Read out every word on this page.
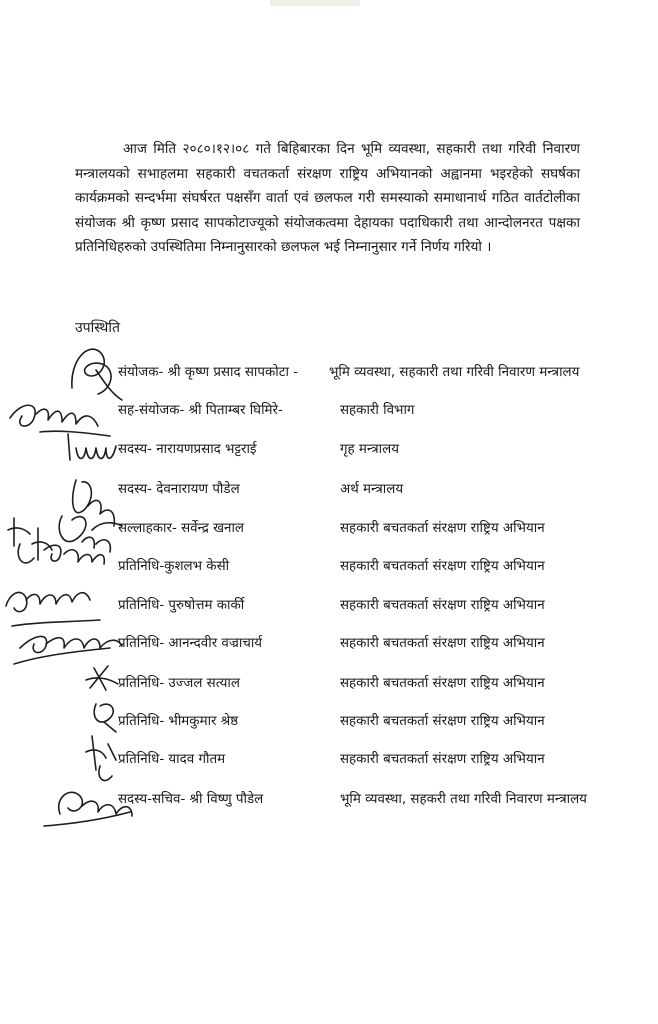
आज मिति २०८०।१२।०८ गते बिहिबारका दिन भूमि व्यवस्था, सहकारी तथा गरिवी निवारण मन्त्रालयको सभाहलमा सहकारी वचतकर्ता संरक्षण राष्ट्रिय अभियानको अह्वानमा भइरहेको सघर्षका कार्यक्रमको सन्दर्भमा संघर्षरत पक्षसँग वार्ता एवं छलफल गरी समस्याको समाधानार्थ गठित वार्तटोलीका संयोजक श्री कृष्ण प्रसाद सापकोटाज्यूको संयोजकत्वमा देहायका पदाधिकारी तथा आन्दोलनरत पक्षका प्रतिनिधिहरुको उपस्थितिमा निम्नानुसारको छलफल भई निम्नानुसार गर्ने निर्णय गरियो ।

उपस्थिति
संयोजक- श्री कृष्ण प्रसाद सापकोटा - भूमि व्यवस्था, सहकारी तथा गरिवी निवारण मन्त्रालय
सह-संयोजक- श्री पिताम्बर घिमिरे-	सहकारी विभाग
सदस्य- नारायणप्रसाद भट्टराई	गृह मन्त्रालय
सदस्य- देवनारायण पौडेल	अर्थ मन्त्रालय
सल्लाहकार- सर्वेन्द्र खनाल	सहकारी बचतकर्ता संरक्षण राष्ट्रिय अभियान
प्रतिनिधि-कुशलभ केसी	सहकारी बचतकर्ता संरक्षण राष्ट्रिय अभियान
प्रतिनिधि- पुरुषोत्तम कार्की	सहकारी बचतकर्ता संरक्षण राष्ट्रिय अभियान
प्रतिनिधि- आनन्दवीर वज्राचार्य	सहकारी बचतकर्ता संरक्षण राष्ट्रिय अभियान
प्रतिनिधि- उज्जल सत्याल	सहकारी बचतकर्ता संरक्षण राष्ट्रिय अभियान
प्रतिनिधि- भीमकुमार श्रेष्ठ	सहकारी बचतकर्ता संरक्षण राष्ट्रिय अभियान
प्रतिनिधि- यादव गौतम	सहकारी बचतकर्ता संरक्षण राष्ट्रिय अभियान
सदस्य-सचिव- श्री विष्णु पौडेल	भूमि व्यवस्था, सहकरी तथा गरिवी निवारण मन्त्रालय
